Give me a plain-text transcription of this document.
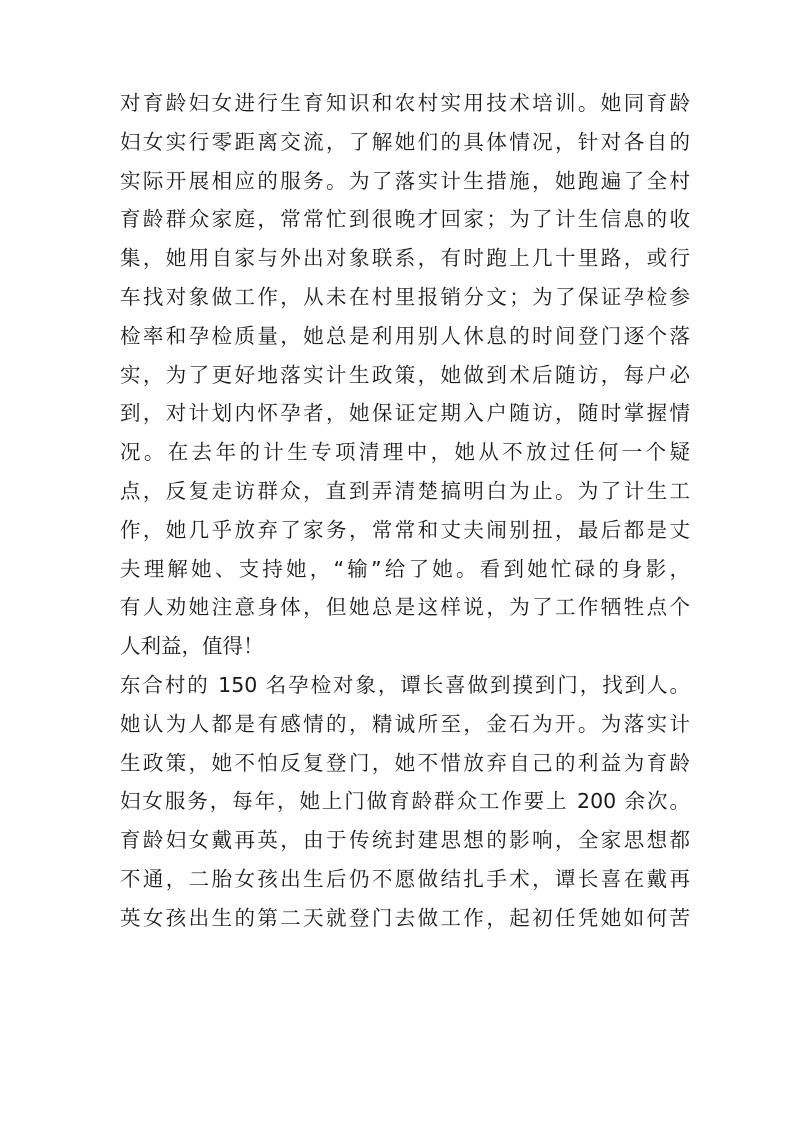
对育龄妇女进行生育知识和农村实用技术培训。她同育龄
妇女实行零距离交流，了解她们的具体情况，针对各自的
实际开展相应的服务。为了落实计生措施，她跑遍了全村
育龄群众家庭，常常忙到很晚才回家；为了计生信息的收
集，她用自家与外出对象联系，有时跑上几十里路，或行
车找对象做工作，从未在村里报销分文；为了保证孕检参
检率和孕检质量，她总是利用别人休息的时间登门逐个落
实，为了更好地落实计生政策，她做到术后随访，每户必
到，对计划内怀孕者，她保证定期入户随访，随时掌握情
况。在去年的计生专项清理中，她从不放过任何一个疑
点，反复走访群众，直到弄清楚搞明白为止。为了计生工
作，她几乎放弃了家务，常常和丈夫闹别扭，最后都是丈
夫理解她、支持她，“输”给了她。看到她忙碌的身影，
有人劝她注意身体，但她总是这样说，为了工作牺牲点个
人利益，值得！
东合村的 150 名孕检对象，谭长喜做到摸到门，找到人。
她认为人都是有感情的，精诚所至，金石为开。为落实计
生政策，她不怕反复登门，她不惜放弃自己的利益为育龄
妇女服务，每年，她上门做育龄群众工作要上 200 余次。
育龄妇女戴再英，由于传统封建思想的影响，全家思想都
不通，二胎女孩出生后仍不愿做结扎手术，谭长喜在戴再
英女孩出生的第二天就登门去做工作，起初任凭她如何苦
